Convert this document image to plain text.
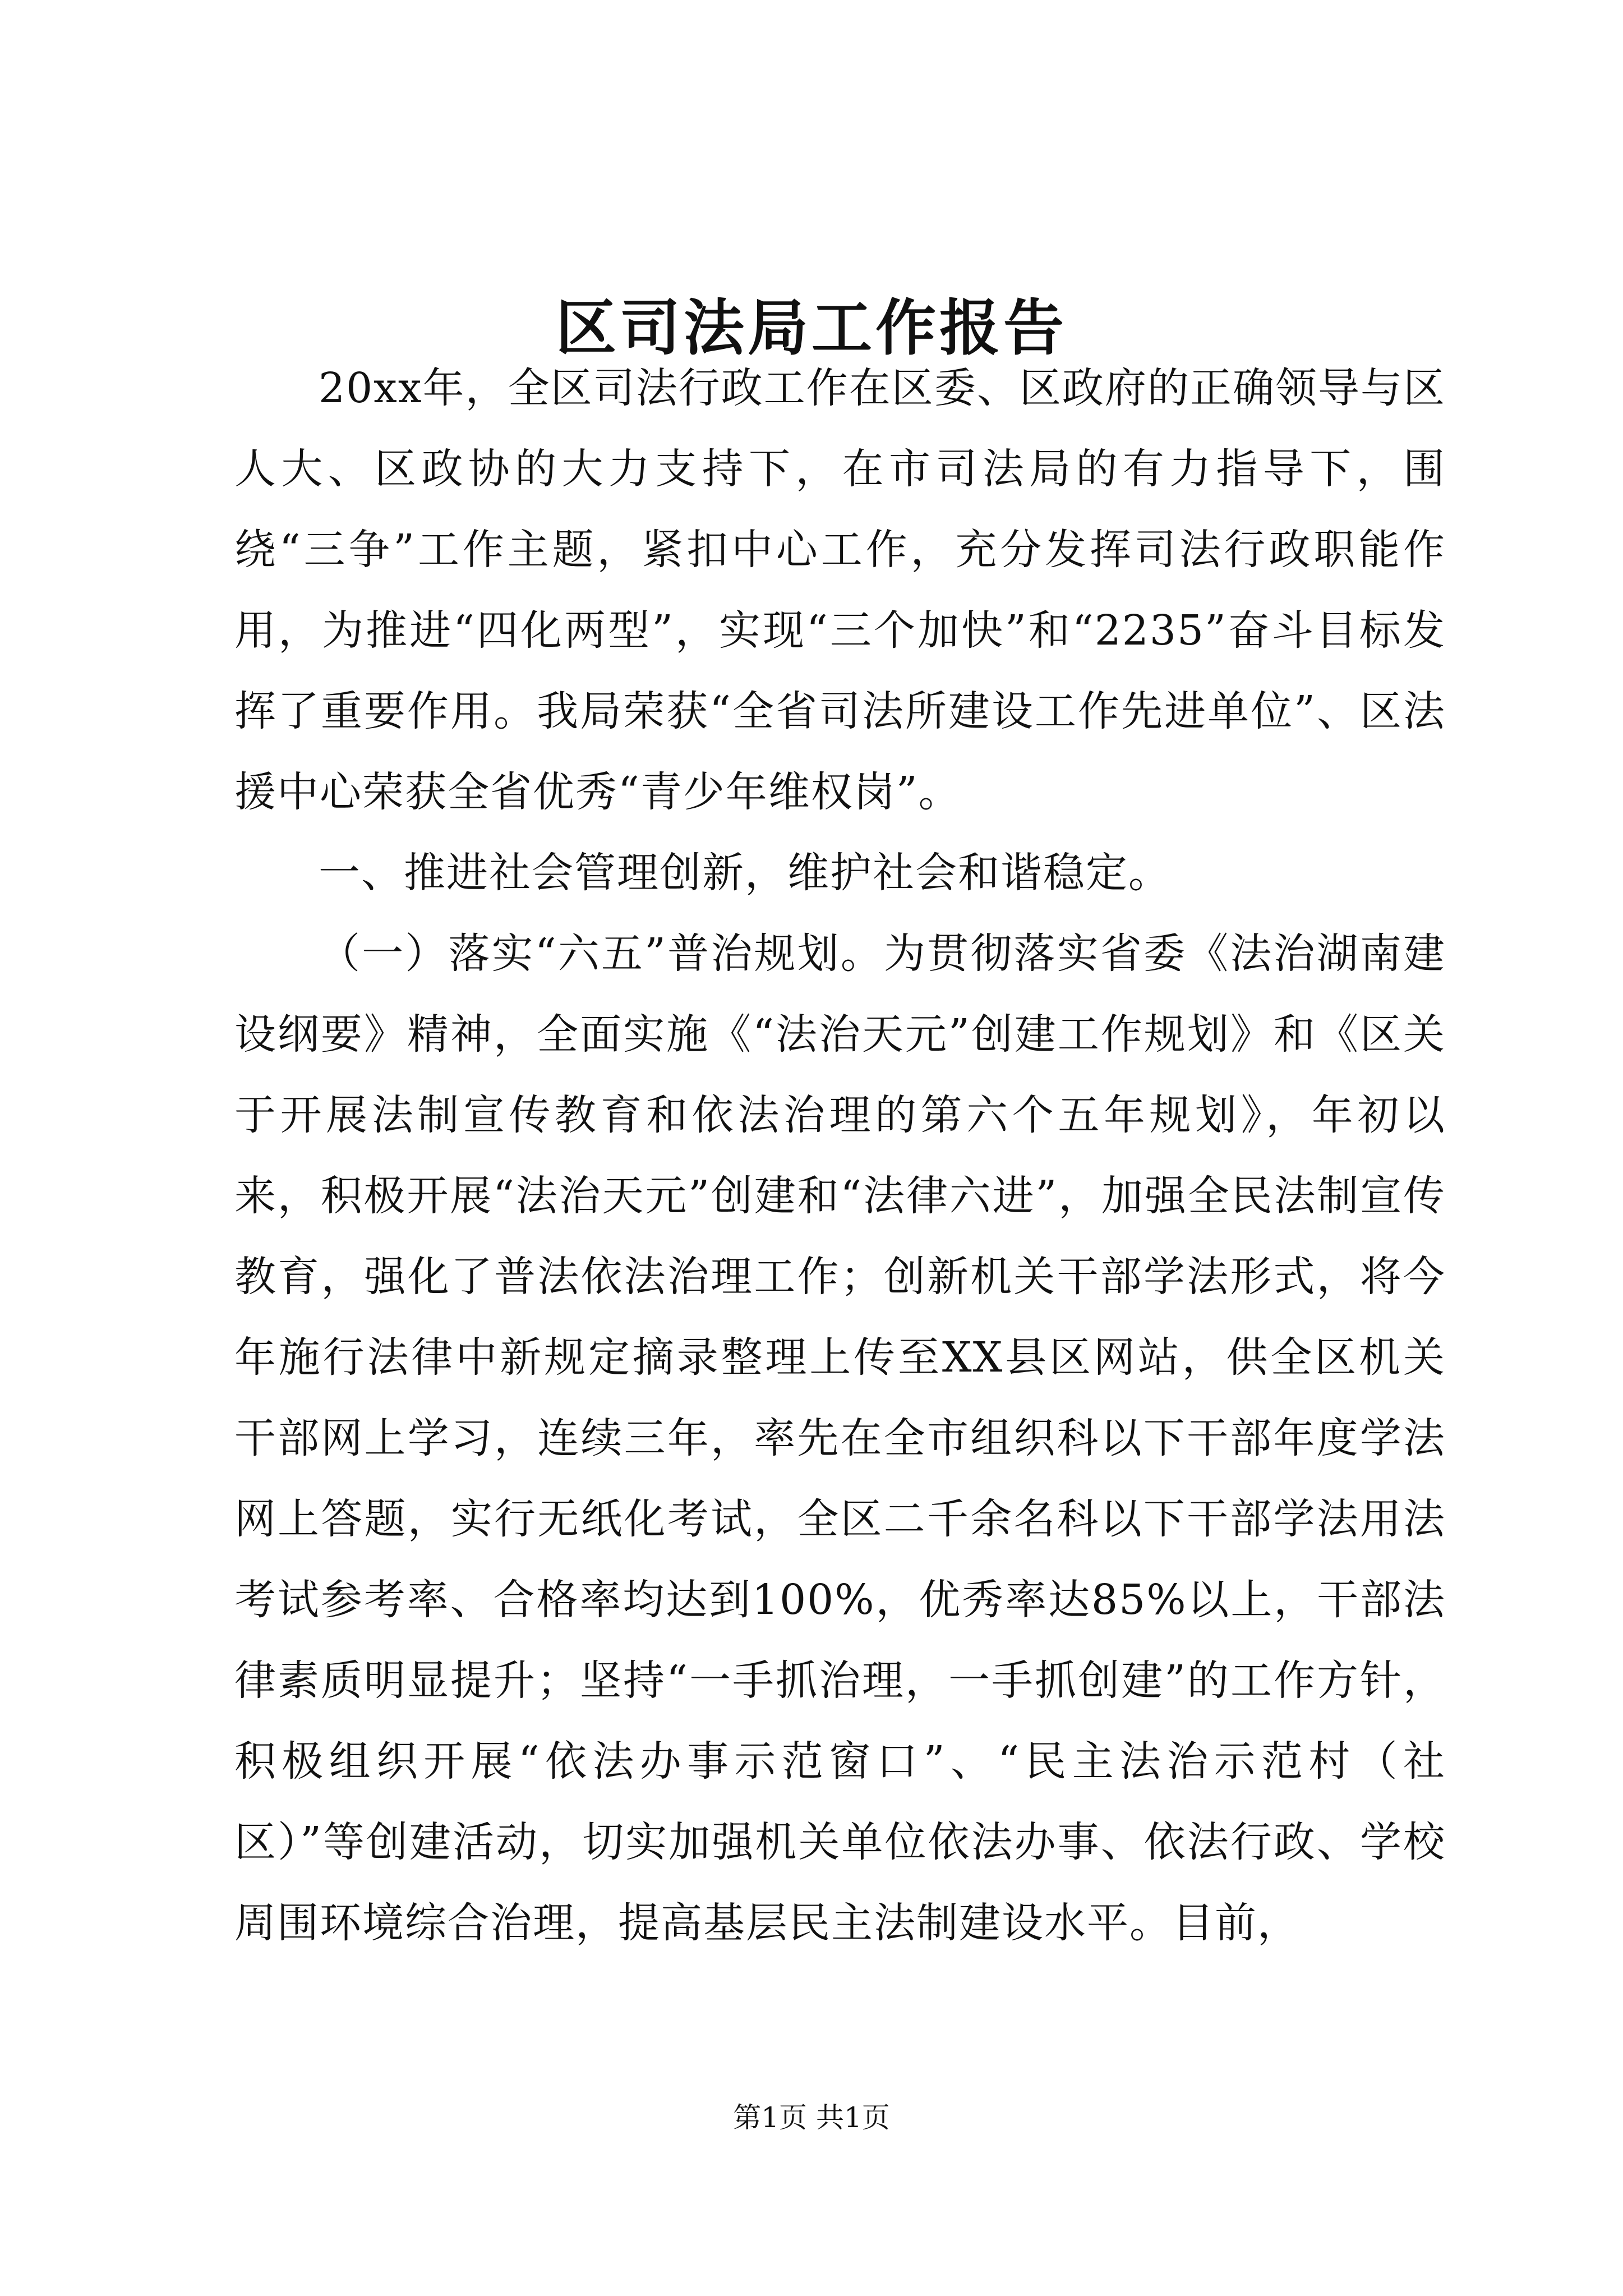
区司法局工作报告

20xx年，全区司法行政工作在区委、区政府的正确领导与区人大、区政协的大力支持下，在市司法局的有力指导下，围绕“三争”工作主题，紧扣中心工作，充分发挥司法行政职能作用，为推进“四化两型”，实现“三个加快”和“2235”奋斗目标发挥了重要作用。我局荣获“全省司法所建设工作先进单位”、区法援中心荣获全省优秀“青少年维权岗”。

一、推进社会管理创新，维护社会和谐稳定。

（一）落实“六五”普治规划。为贯彻落实省委《法治湖南建设纲要》精神，全面实施《“法治天元”创建工作规划》和《区关于开展法制宣传教育和依法治理的第六个五年规划》，年初以来，积极开展“法治天元”创建和“法律六进”，加强全民法制宣传教育，强化了普法依法治理工作；创新机关干部学法形式，将今年施行法律中新规定摘录整理上传至XX县区网站，供全区机关干部网上学习，连续三年，率先在全市组织科以下干部年度学法网上答题，实行无纸化考试，全区二千余名科以下干部学法用法考试参考率、合格率均达到100%，优秀率达85%以上，干部法律素质明显提升；坚持“一手抓治理，一手抓创建”的工作方针，积极组织开展“依法办事示范窗口”、“民主法治示范村（社区）”等创建活动，切实加强机关单位依法办事、依法行政、学校周围环境综合治理，提高基层民主法制建设水平。目前，

第1页 共1页
